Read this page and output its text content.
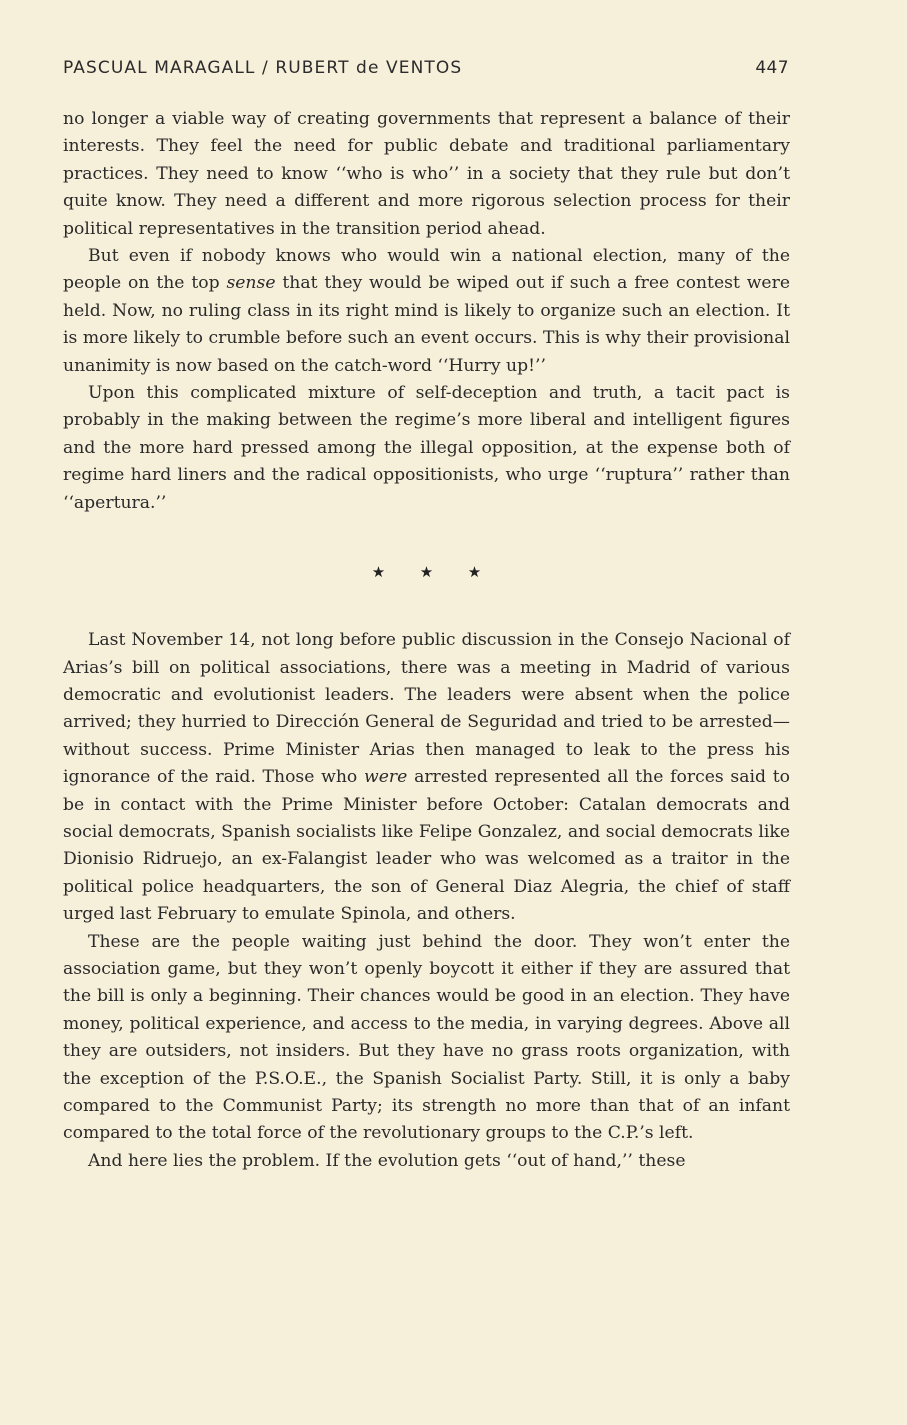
PASCUAL MARAGALL / RUBERT de VENTOS	447

no longer a viable way of creating governments that represent a balance of their interests. They feel the need for public debate and traditional parliamentary practices. They need to know ‘‘who is who’’ in a society that they rule but don’t quite know. They need a different and more rigorous selection process for their political representatives in the transition period ahead.

But even if nobody knows who would win a national election, many of the people on the top sense that they would be wiped out if such a free contest were held. Now, no ruling class in its right mind is likely to organize such an election. It is more likely to crumble before such an event occurs. This is why their provisional unanimity is now based on the catch-word ‘‘Hurry up!’’

Upon this complicated mixture of self-deception and truth, a tacit pact is probably in the making between the regime’s more liberal and intelligent figures and the more hard pressed among the illegal opposition, at the expense both of regime hard liners and the radical oppositionists, who urge ‘‘ruptura’’ rather than ‘‘apertura.’’

★ ★ ★

Last November 14, not long before public discussion in the Consejo Nacional of Arias’s bill on political associations, there was a meeting in Madrid of various democratic and evolutionist leaders. The leaders were absent when the police arrived; they hurried to Dirección General de Seguridad and tried to be arrested—without success. Prime Minister Arias then managed to leak to the press his ignorance of the raid. Those who were arrested represented all the forces said to be in contact with the Prime Minister before October: Catalan democrats and social democrats, Spanish socialists like Felipe Gonzalez, and social democrats like Dionisio Ridruejo, an ex-Falangist leader who was welcomed as a traitor in the political police headquarters, the son of General Diaz Alegria, the chief of staff urged last February to emulate Spinola, and others.

These are the people waiting just behind the door. They won’t enter the association game, but they won’t openly boycott it either if they are assured that the bill is only a beginning. Their chances would be good in an election. They have money, political experience, and access to the media, in varying degrees. Above all they are outsiders, not insiders. But they have no grass roots organization, with the exception of the P.S.O.E., the Spanish Socialist Party. Still, it is only a baby compared to the Communist Party; its strength no more than that of an infant compared to the total force of the revolutionary groups to the C.P.’s left.

And here lies the problem. If the evolution gets ‘‘out of hand,’’ these
